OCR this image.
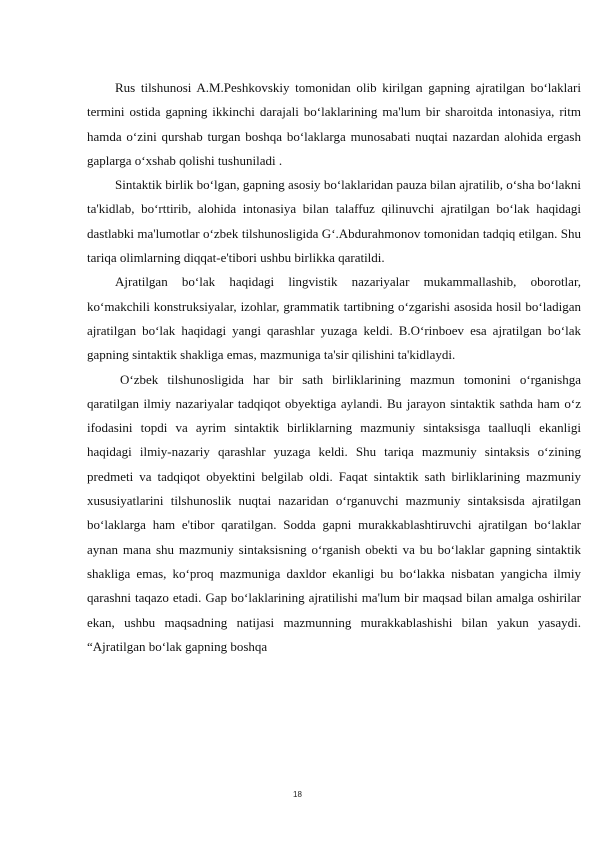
Rus tilshunosi A.M.Peshkovskiy tomonidan olib kirilgan gapning ajratilgan bo‘laklari termini ostida gapning ikkinchi darajali bo‘laklarining ma'lum bir sharoitda intonasiya, ritm hamda o‘zini qurshab turgan boshqa bo‘laklarga munosabati nuqtai nazardan alohida ergash gaplarga o‘xshab qolishi tushuniladi .

Sintaktik birlik bo‘lgan, gapning asosiy bo‘laklaridan pauza bilan ajratilib, o‘sha bo‘lakni ta'kidlab, bo‘rttirib, alohida intonasiya bilan talaffuz qilinuvchi ajratilgan bo‘lak haqidagi dastlabki ma'lumotlar o‘zbek tilshunosligida G‘.Abdurahmonov tomonidan tadqiq etilgan. Shu tariqa olimlarning diqqat-e'tibori ushbu birlikka qaratildi.

Ajratilgan bo‘lak haqidagi lingvistik nazariyalar mukammallashib, oborotlar, ko‘makchili konstruksiyalar, izohlar, grammatik tartibning o‘zgarishi asosida hosil bo‘ladigan ajratilgan bo‘lak haqidagi yangi qarashlar yuzaga keldi. B.O‘rinboev esa ajratilgan bo‘lak gapning sintaktik shakliga emas, mazmuniga ta'sir qilishini ta'kidlaydi.

O‘zbek tilshunosligida har bir sath birliklarining mazmun tomonini o‘rganishga qaratilgan ilmiy nazariyalar tadqiqot obyektiga aylandi. Bu jarayon sintaktik sathda ham o‘z ifodasini topdi va ayrim sintaktik birliklarning mazmuniy sintaksisga taalluqli ekanligi haqidagi ilmiy-nazariy qarashlar yuzaga keldi. Shu tariqa mazmuniy sintaksis o‘zining predmeti va tadqiqot obyektini belgilab oldi. Faqat sintaktik sath birliklarining mazmuniy xususiyatlarini tilshunoslik nuqtai nazaridan o‘rganuvchi mazmuniy sintaksisda ajratilgan bo‘laklarga ham e'tibor qaratilgan. Sodda gapni murakkablashtiruvchi ajratilgan bo‘laklar aynan mana shu mazmuniy sintaksisning o‘rganish obekti va bu bo‘laklar gapning sintaktik shakliga emas, ko‘proq mazmuniga daxldor ekanligi bu bo‘lakka nisbatan yangicha ilmiy qarashni taqazo etadi. Gap bo‘laklarining ajratilishi ma'lum bir maqsad bilan amalga oshirilar ekan, ushbu maqsadning natijasi mazmunning murakkablashishi bilan yakun yasaydi. “Ajratilgan bo‘lak gapning boshqa

18
